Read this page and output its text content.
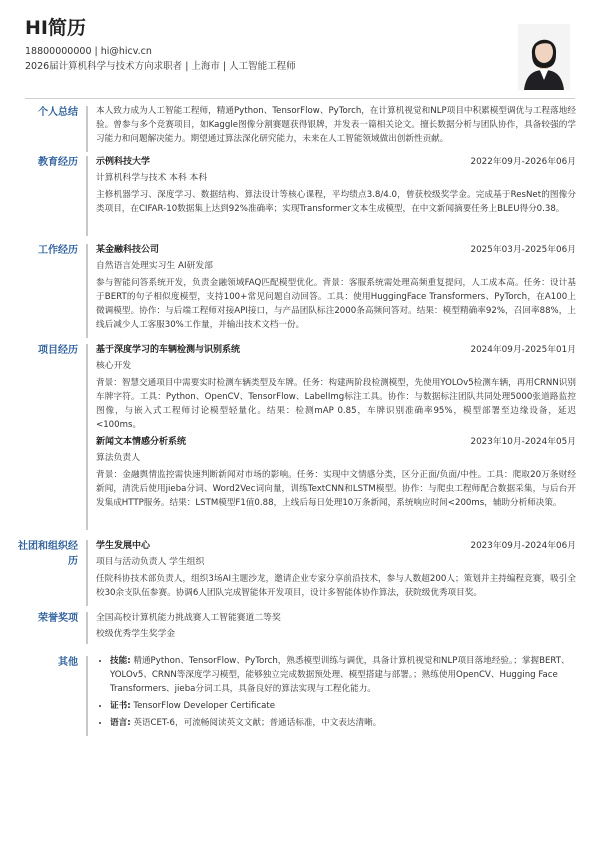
HI简历
18800000000 | hi@hicv.cn
2026届计算机科学与技术方向求职者 | 上海市 | 人工智能工程师
个人总结 本人致力成为人工智能工程师，精通Python、TensorFlow、PyTorch，在计算机视觉和NLP项目中积累模型调优与工程落地经验。曾参与多个竞赛项目，如Kaggle图像分割赛题获得银牌，并发表一篇相关论文。擅长数据分析与团队协作，具备较强的学习能力和问题解决能力。期望通过算法深化研究能力，未来在人工智能领域做出创新性贡献。
教育经历 示例科技大学	2022年09月-2026年06月
计算机科学与技术 本科 本科
主修机器学习、深度学习、数据结构、算法设计等核心课程，平均绩点3.8/4.0，曾获校级奖学金。完成基于ResNet的图像分类项目，在CIFAR-10数据集上达到92%准确率；实现Transformer文本生成模型，在中文新闻摘要任务上BLEU得分0.38。
工作经历 某金融科技公司	2025年03月-2025年06月
自然语言处理实习生 AI研发部
参与智能问答系统开发，负责金融领域FAQ匹配模型优化。背景：客服系统需处理高频重复提问，人工成本高。任务：设计基于BERT的句子相似度模型，支持100+常见问题自动回答。工具：使用HuggingFace Transformers、PyTorch，在A100上微调模型。协作：与后端工程师对接API接口，与产品团队标注2000条高频问答对。结果：模型精确率92%，召回率88%，上线后减少人工客服30%工作量，并输出技术文档一份。
项目经历 基于深度学习的车辆检测与识别系统	2024年09月-2025年01月
核心开发
背景：智慧交通项目中需要实时检测车辆类型及车牌。任务：构建两阶段检测模型，先使用YOLOv5检测车辆，再用CRNN识别车牌字符。工具：Python、OpenCV、TensorFlow、LabelImg标注工具。协作：与数据标注团队共同处理5000张道路监控图像，与嵌入式工程师讨论模型轻量化。结果：检测mAP 0.85，车牌识别准确率95%，模型部署至边缘设备，延迟<100ms。
新闻文本情感分析系统	2023年10月-2024年05月
算法负责人
背景：金融舆情监控需快速判断新闻对市场的影响。任务：实现中文情感分类，区分正面/负面/中性。工具：爬取20万条财经新闻，清洗后使用jieba分词、Word2Vec词向量，训练TextCNN和LSTM模型。协作：与爬虫工程师配合数据采集，与后台开发集成HTTP服务。结果：LSTM模型F1值0.88，上线后每日处理10万条新闻，系统响应时间<200ms，辅助分析师决策。
社团和组织经历
学生发展中心	2023年09月-2024年06月
项目与活动负责人 学生组织
任院科协技术部负责人，组织3场AI主题沙龙，邀请企业专家分享前沿技术，参与人数超200人；策划并主持编程竞赛，吸引全校30余支队伍参赛。协调6人团队完成智能体开发项目，设计多智能体协作算法，获院级优秀项目奖。
荣誉奖项 全国高校计算机能力挑战赛人工智能赛道二等奖
校级优秀学生奖学金
其他
•	技能: 精通Python、TensorFlow、PyTorch，熟悉模型训练与调优，具备计算机视觉和NLP项目落地经验。；掌握BERT、YOLOv5、CRNN等深度学习模型，能够独立完成数据预处理、模型搭建与部署。；熟练使用OpenCV、Hugging Face Transformers、jieba分词工具，具备良好的算法实现与工程化能力。
• 证书: TensorFlow Developer Certificate
• 语言: 英语CET-6，可流畅阅读英文文献；普通话标准，中文表达清晰。
